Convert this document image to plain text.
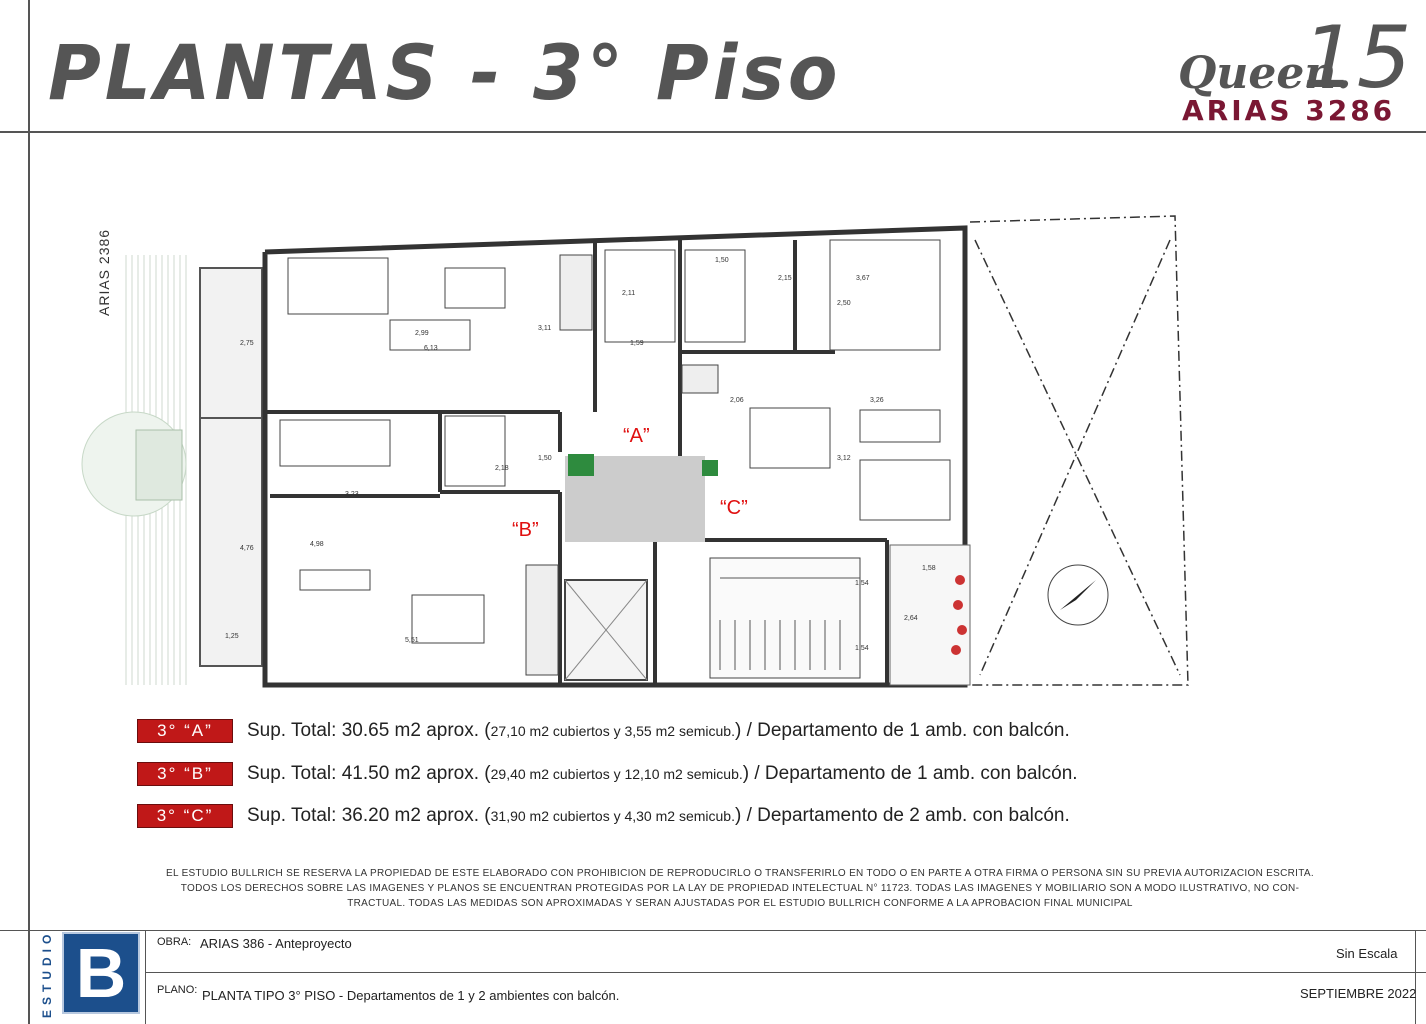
PLANTAS - 3° Piso	Queen.
15
ARIAS 3286
ARIAS 2386
“A”
“B”
“C”
2,75
4,76
1,25
2,99
6,13
3,11
2,11
1,59
1,50
2,15	3,67
2,50
1,50
2,18
3,23
4,98
5,51
2,06	3,26
3,12
1,58
2,64
1,54
1,54
3° “A”	Sup. Total: 30.65 m2 aprox. (27,10 m2 cubiertos y 3,55 m2 semicub.) / Departamento de 1 amb. con balcón.
3° “B”	Sup. Total: 41.50 m2 aprox. (29,40 m2 cubiertos y 12,10 m2 semicub.) / Departamento de 1 amb. con balcón.
3° “C”	Sup. Total: 36.20 m2 aprox. (31,90 m2 cubiertos y 4,30 m2 semicub.) / Departamento de 2 amb. con balcón.
EL ESTUDIO BULLRICH SE RESERVA LA PROPIEDAD DE ESTE ELABORADO CON PROHIBICION DE REPRODUCIRLO O TRANSFERIRLO EN TODO O EN PARTE A OTRA FIRMA O PERSONA SIN SU PREVIA AUTORIZACION ESCRITA.
TODOS LOS DERECHOS SOBRE LAS IMAGENES Y PLANOS SE ENCUENTRAN PROTEGIDAS POR LA LAY DE PROPIEDAD INTELECTUAL N° 11723. TODAS LAS IMAGENES Y MOBILIARIO SON A MODO ILUSTRATIVO, NO CON-
TRACTUAL. TODAS LAS MEDIDAS SON APROXIMADAS Y SERAN AJUSTADAS POR EL ESTUDIO BULLRICH CONFORME A LA APROBACION FINAL MUNICIPAL
ESTUDIO B	OBRA: ARIAS 386 - Anteproyecto
Sin Escala
PLANO: PLANTA TIPO 3° PISO - Departamentos de 1 y 2 ambientes con balcón.	SEPTIEMBRE 2022
